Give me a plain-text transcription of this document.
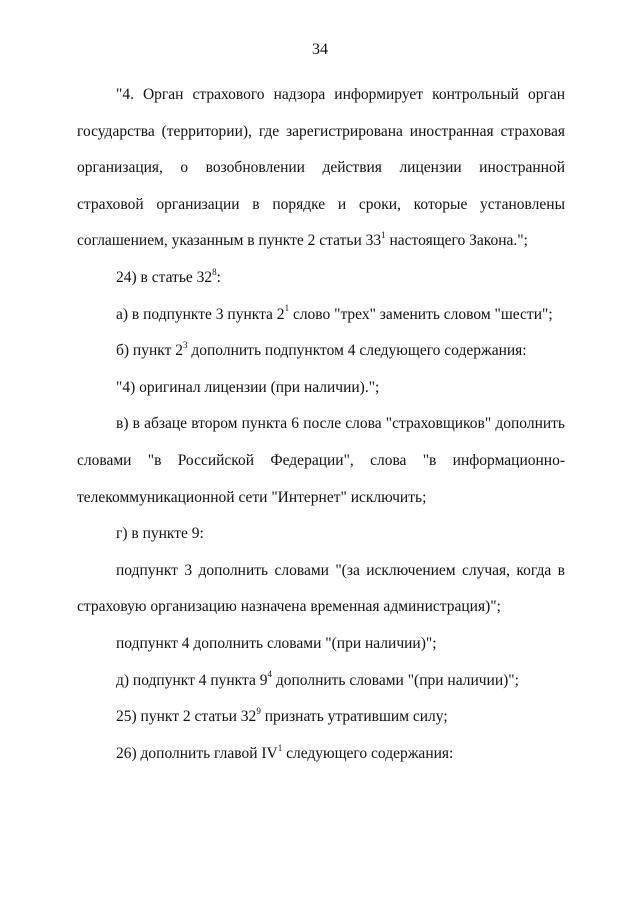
34

"4. Орган страхового надзора информирует контрольный орган государства (территории), где зарегистрирована иностранная страховая организация, о возобновлении действия лицензии иностранной страховой организации в порядке и сроки, которые установлены соглашением, указанным в пункте 2 статьи $33^1$ настоящего Закона.";

24) в статье $32^8$:

а) в подпункте 3 пункта $2^1$ слово "трех" заменить словом "шести";

б) пункт $2^3$ дополнить подпунктом 4 следующего содержания:

"4) оригинал лицензии (при наличии).";

в) в абзаце втором пункта 6 после слова "страховщиков" дополнить словами "в Российской Федерации", слова "в информационно-телекоммуникационной сети "Интернет" исключить;

г) в пункте 9:

подпункт 3 дополнить словами "(за исключением случая, когда в страховую организацию назначена временная администрация)";

подпункт 4 дополнить словами "(при наличии)";

д) подпункт 4 пункта $9^4$ дополнить словами "(при наличии)";

25) пункт 2 статьи $32^9$ признать утратившим силу;

26) дополнить главой $IV^1$ следующего содержания:
